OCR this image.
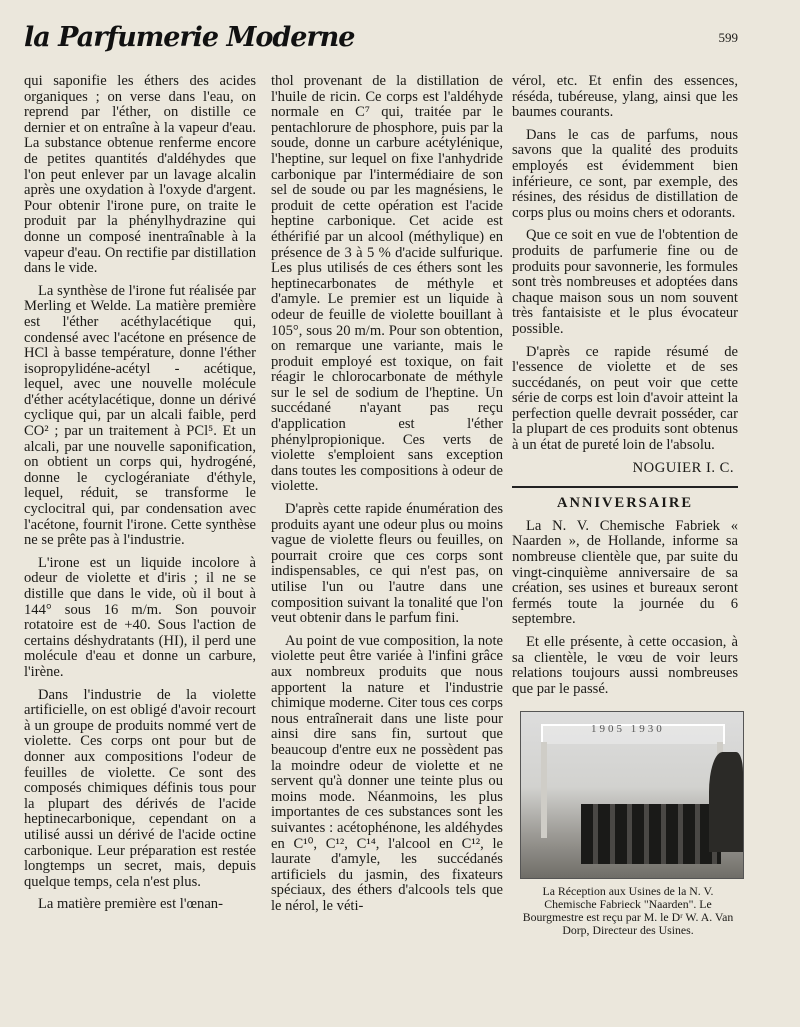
la Parfumerie Moderne	599

qui saponifie les éthers des acides organiques ; on verse dans l'eau, on reprend par l'éther, on distille ce dernier et on entraîne à la vapeur d'eau. La substance obtenue renferme encore de petites quantités d'aldéhydes que l'on peut enlever par un lavage alcalin après une oxydation à l'oxyde d'argent. Pour obtenir l'irone pure, on traite le produit par la phénylhydrazine qui donne un composé inentraînable à la vapeur d'eau. On rectifie par distillation dans le vide.

La synthèse de l'irone fut réalisée par Merling et Welde. La matière première est l'éther acéthylacétique qui, condensé avec l'acétone en présence de HCl à basse température, donne l'éther isopropylidéne-acétyl - acétique, lequel, avec une nouvelle molécule d'éther acétylacétique, donne un dérivé cyclique qui, par un alcali faible, perd CO² ; par un traitement à PCl⁵. Et un alcali, par une nouvelle saponification, on obtient un corps qui, hydrogéné, donne le cyclogéraniate d'éthyle, lequel, réduit, se transforme le cyclocitral qui, par condensation avec l'acétone, fournit l'irone. Cette synthèse ne se prête pas à l'industrie.

L'irone est un liquide incolore à odeur de violette et d'iris ; il ne se distille que dans le vide, où il bout à 144° sous 16 m/m. Son pouvoir rotatoire est de +40. Sous l'action de certains déshydratants (HI), il perd une molécule d'eau et donne un carbure, l'irène.

Dans l'industrie de la violette artificielle, on est obligé d'avoir recourt à un groupe de produits nommé vert de violette. Ces corps ont pour but de donner aux compositions l'odeur de feuilles de violette. Ce sont des composés chimiques définis tous pour la plupart des dérivés de l'acide heptinecarbonique, cependant on a utilisé aussi un dérivé de l'acide octine carbonique. Leur préparation est restée longtemps un secret, mais, depuis quelque temps, cela n'est plus.

La matière première est l'œnan-

thol provenant de la distillation de l'huile de ricin. Ce corps est l'aldéhyde normale en C⁷ qui, traitée par le pentachlorure de phosphore, puis par la soude, donne un carbure acétylénique, l'heptine, sur lequel on fixe l'anhydride carbonique par l'intermédiaire de son sel de soude ou par les magnésiens, le produit de cette opération est l'acide heptine carbonique. Cet acide est éthérifié par un alcool (méthylique) en présence de 3 à 5 % d'acide sulfurique. Les plus utilisés de ces éthers sont les heptinecarbonates de méthyle et d'amyle. Le premier est un liquide à odeur de feuille de violette bouillant à 105°, sous 20 m/m. Pour son obtention, on remarque une variante, mais le produit employé est toxique, on fait réagir le chlorocarbonate de méthyle sur le sel de sodium de l'heptine. Un succédané n'ayant pas reçu d'application est l'éther phénylpropionique. Ces verts de violette s'emploient sans exception dans toutes les compositions à odeur de violette.

D'après cette rapide énumération des produits ayant une odeur plus ou moins vague de violette fleurs ou feuilles, on pourrait croire que ces corps sont indispensables, ce qui n'est pas, on utilise l'un ou l'autre dans une composition suivant la tonalité que l'on veut obtenir dans le parfum fini.

Au point de vue composition, la note violette peut être variée à l'infini grâce aux nombreux produits que nous apportent la nature et l'industrie chimique moderne. Citer tous ces corps nous entraînerait dans une liste pour ainsi dire sans fin, surtout que beaucoup d'entre eux ne possèdent pas la moindre odeur de violette et ne servent qu'à donner une teinte plus ou moins mode. Néanmoins, les plus importantes de ces substances sont les suivantes : acétophénone, les aldéhydes en C¹⁰, C¹², C¹⁴, l'alcool en C¹², le laurate d'amyle, les succédanés artificiels du jasmin, des fixateurs spéciaux, des éthers d'alcools tels que le nérol, le véti-

vérol, etc. Et enfin des essences, réséda, tubéreuse, ylang, ainsi que les baumes courants.

Dans le cas de parfums, nous savons que la qualité des produits employés est évidemment bien inférieure, ce sont, par exemple, des résines, des résidus de distillation de corps plus ou moins chers et odorants.

Que ce soit en vue de l'obtention de produits de parfumerie fine ou de produits pour savonnerie, les formules sont très nombreuses et adoptées dans chaque maison sous un nom souvent très fantaisiste et le plus évocateur possible.

D'après ce rapide résumé de l'essence de violette et de ses succédanés, on peut voir que cette série de corps est loin d'avoir atteint la perfection quelle devrait posséder, car la plupart de ces produits sont obtenus à un état de pureté loin de l'absolu.

NOGUIER I. C.

ANNIVERSAIRE

La N. V. Chemische Fabriek « Naarden », de Hollande, informe sa nombreuse clientèle que, par suite du vingt-cinquième anniversaire de sa création, ses usines et bureaux seront fermés toute la journée du 6 septembre.

Et elle présente, à cette occasion, à sa clientèle, le vœu de voir leurs relations toujours aussi nombreuses que par le passé.

1905 1930
La Réception aux Usines de la N. V. Chemische Fabrieck "Naarden". Le Bourgmestre est reçu par M. le Dʳ W. A. Van Dorp, Directeur des Usines.
